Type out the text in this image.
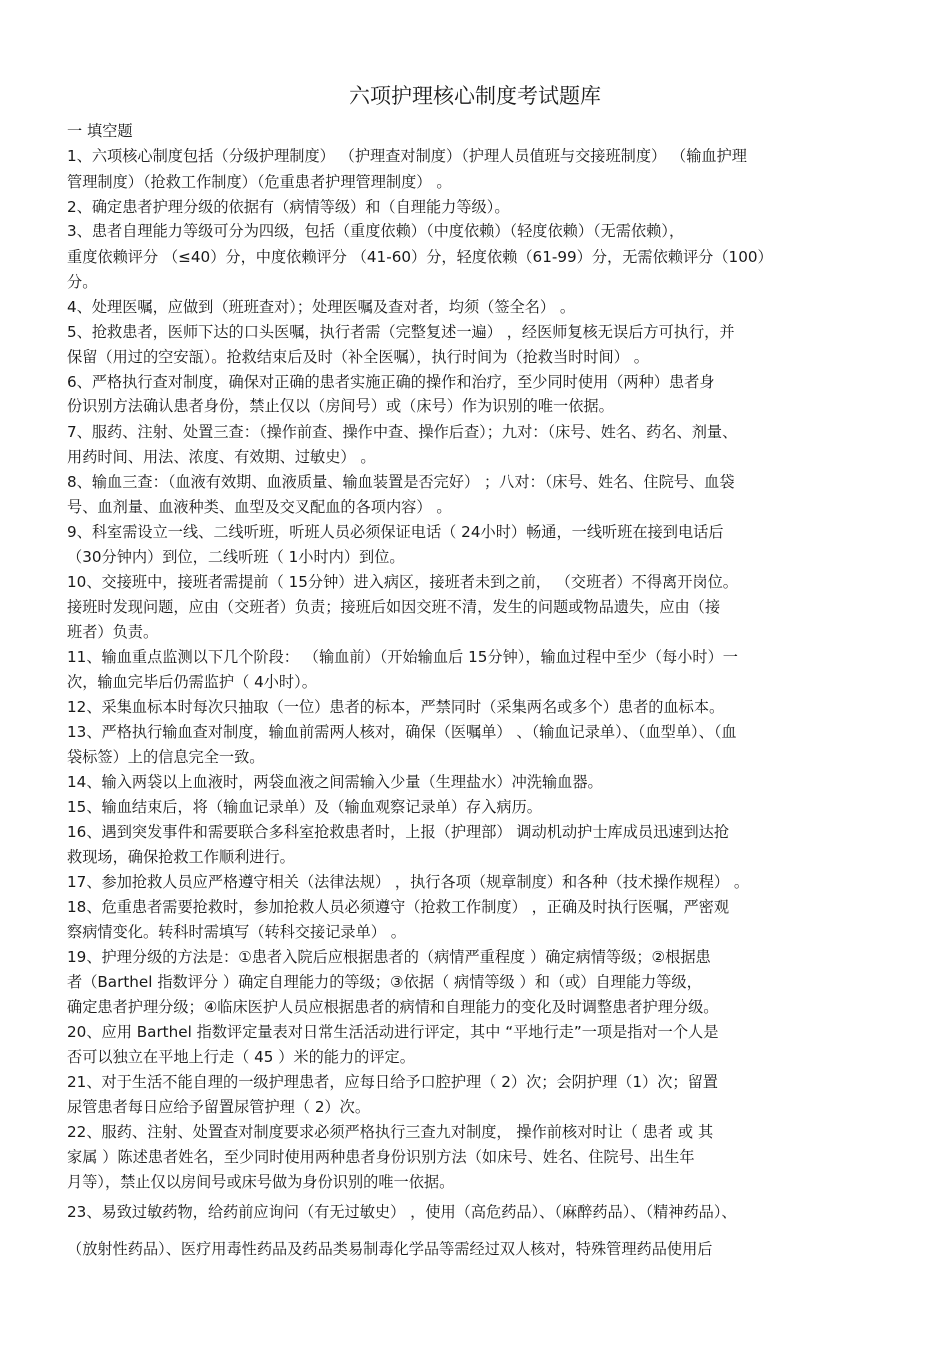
六项护理核心制度考试题库
一 填空题
1、六项核心制度包括（分级护理制度） （护理查对制度）（护理人员值班与交接班制度） （输血护理
管理制度）（抢救工作制度）（危重患者护理管理制度） 。
2、确定患者护理分级的依据有（病情等级）和（自理能力等级）。
3、患者自理能力等级可分为四级，包括（重度依赖）（中度依赖）（轻度依赖）（无需依赖），
重度依赖评分 （≤40）分，中度依赖评分 （41-60）分，轻度依赖（61-99）分，无需依赖评分（100）
分。
4、处理医嘱，应做到（班班查对）；处理医嘱及查对者，均须（签全名） 。
5、抢救患者，医师下达的口头医嘱，执行者需（完整复述一遍） ，经医师复核无误后方可执行，并
保留（用过的空安瓿）。抢救结束后及时（补全医嘱），执行时间为（抢救当时时间） 。
6、严格执行查对制度，确保对正确的患者实施正确的操作和治疗，至少同时使用（两种）患者身
份识别方法确认患者身份，禁止仅以（房间号）或（床号）作为识别的唯一依据。
7、服药、注射、处置三查：（操作前查、操作中查、操作后查）；九对：（床号、姓名、药名、剂量、
用药时间、用法、浓度、有效期、过敏史） 。
8、输血三查：（血液有效期、血液质量、输血装置是否完好） ；八对：（床号、姓名、住院号、血袋
号、血剂量、血液种类、血型及交叉配血的各项内容） 。
9、科室需设立一线、二线听班，听班人员必须保证电话（ 24小时）畅通，一线听班在接到电话后
（30分钟内）到位，二线听班（ 1小时内）到位。
10、交接班中，接班者需提前（ 15分钟）进入病区，接班者未到之前， （交班者）不得离开岗位。
接班时发现问题，应由（交班者）负责；接班后如因交班不清，发生的问题或物品遗失，应由（接
班者）负责。
11、输血重点监测以下几个阶段： （输血前）（开始输血后 15分钟），输血过程中至少（每小时）一
次，输血完毕后仍需监护（ 4小时）。
12、采集血标本时每次只抽取（一位）患者的标本，严禁同时（采集两名或多个）患者的血标本。
13、严格执行输血查对制度，输血前需两人核对，确保（医嘱单） 、（输血记录单）、（血型单）、（血
袋标签）上的信息完全一致。
14、输入两袋以上血液时，两袋血液之间需输入少量（生理盐水）冲洗输血器。
15、输血结束后，将（输血记录单）及（输血观察记录单）存入病历。
16、遇到突发事件和需要联合多科室抢救患者时，上报（护理部） 调动机动护士库成员迅速到达抢
救现场，确保抢救工作顺利进行。
17、参加抢救人员应严格遵守相关（法律法规） ，执行各项（规章制度）和各种（技术操作规程） 。
18、危重患者需要抢救时，参加抢救人员必须遵守（抢救工作制度） ，正确及时执行医嘱，严密观
察病情变化。转科时需填写（转科交接记录单） 。
19、护理分级的方法是：①患者入院后应根据患者的（病情严重程度 ）确定病情等级；②根据患
者（Barthel 指数评分 ）确定自理能力的等级；③依据（ 病情等级 ）和（或）自理能力等级，
确定患者护理分级；④临床医护人员应根据患者的病情和自理能力的变化及时调整患者护理分级。
20、应用 Barthel 指数评定量表对日常生活活动进行评定，其中 “平地行走”一项是指对一个人是
否可以独立在平地上行走（ 45 ）米的能力的评定。
21、对于生活不能自理的一级护理患者，应每日给予口腔护理（ 2）次；会阴护理（1）次；留置
尿管患者每日应给予留置尿管护理（ 2）次。
22、服药、注射、处置查对制度要求必须严格执行三查九对制度， 操作前核对时让（ 患者 或 其
家属 ）陈述患者姓名，至少同时使用两种患者身份识别方法（如床号、姓名、住院号、出生年
月等），禁止仅以房间号或床号做为身份识别的唯一依据。
23、易致过敏药物，给药前应询问（有无过敏史） ，使用（高危药品）、（麻醉药品）、（精神药品）、
（放射性药品）、医疗用毒性药品及药品类易制毒化学品等需经过双人核对，特殊管理药品使用后
